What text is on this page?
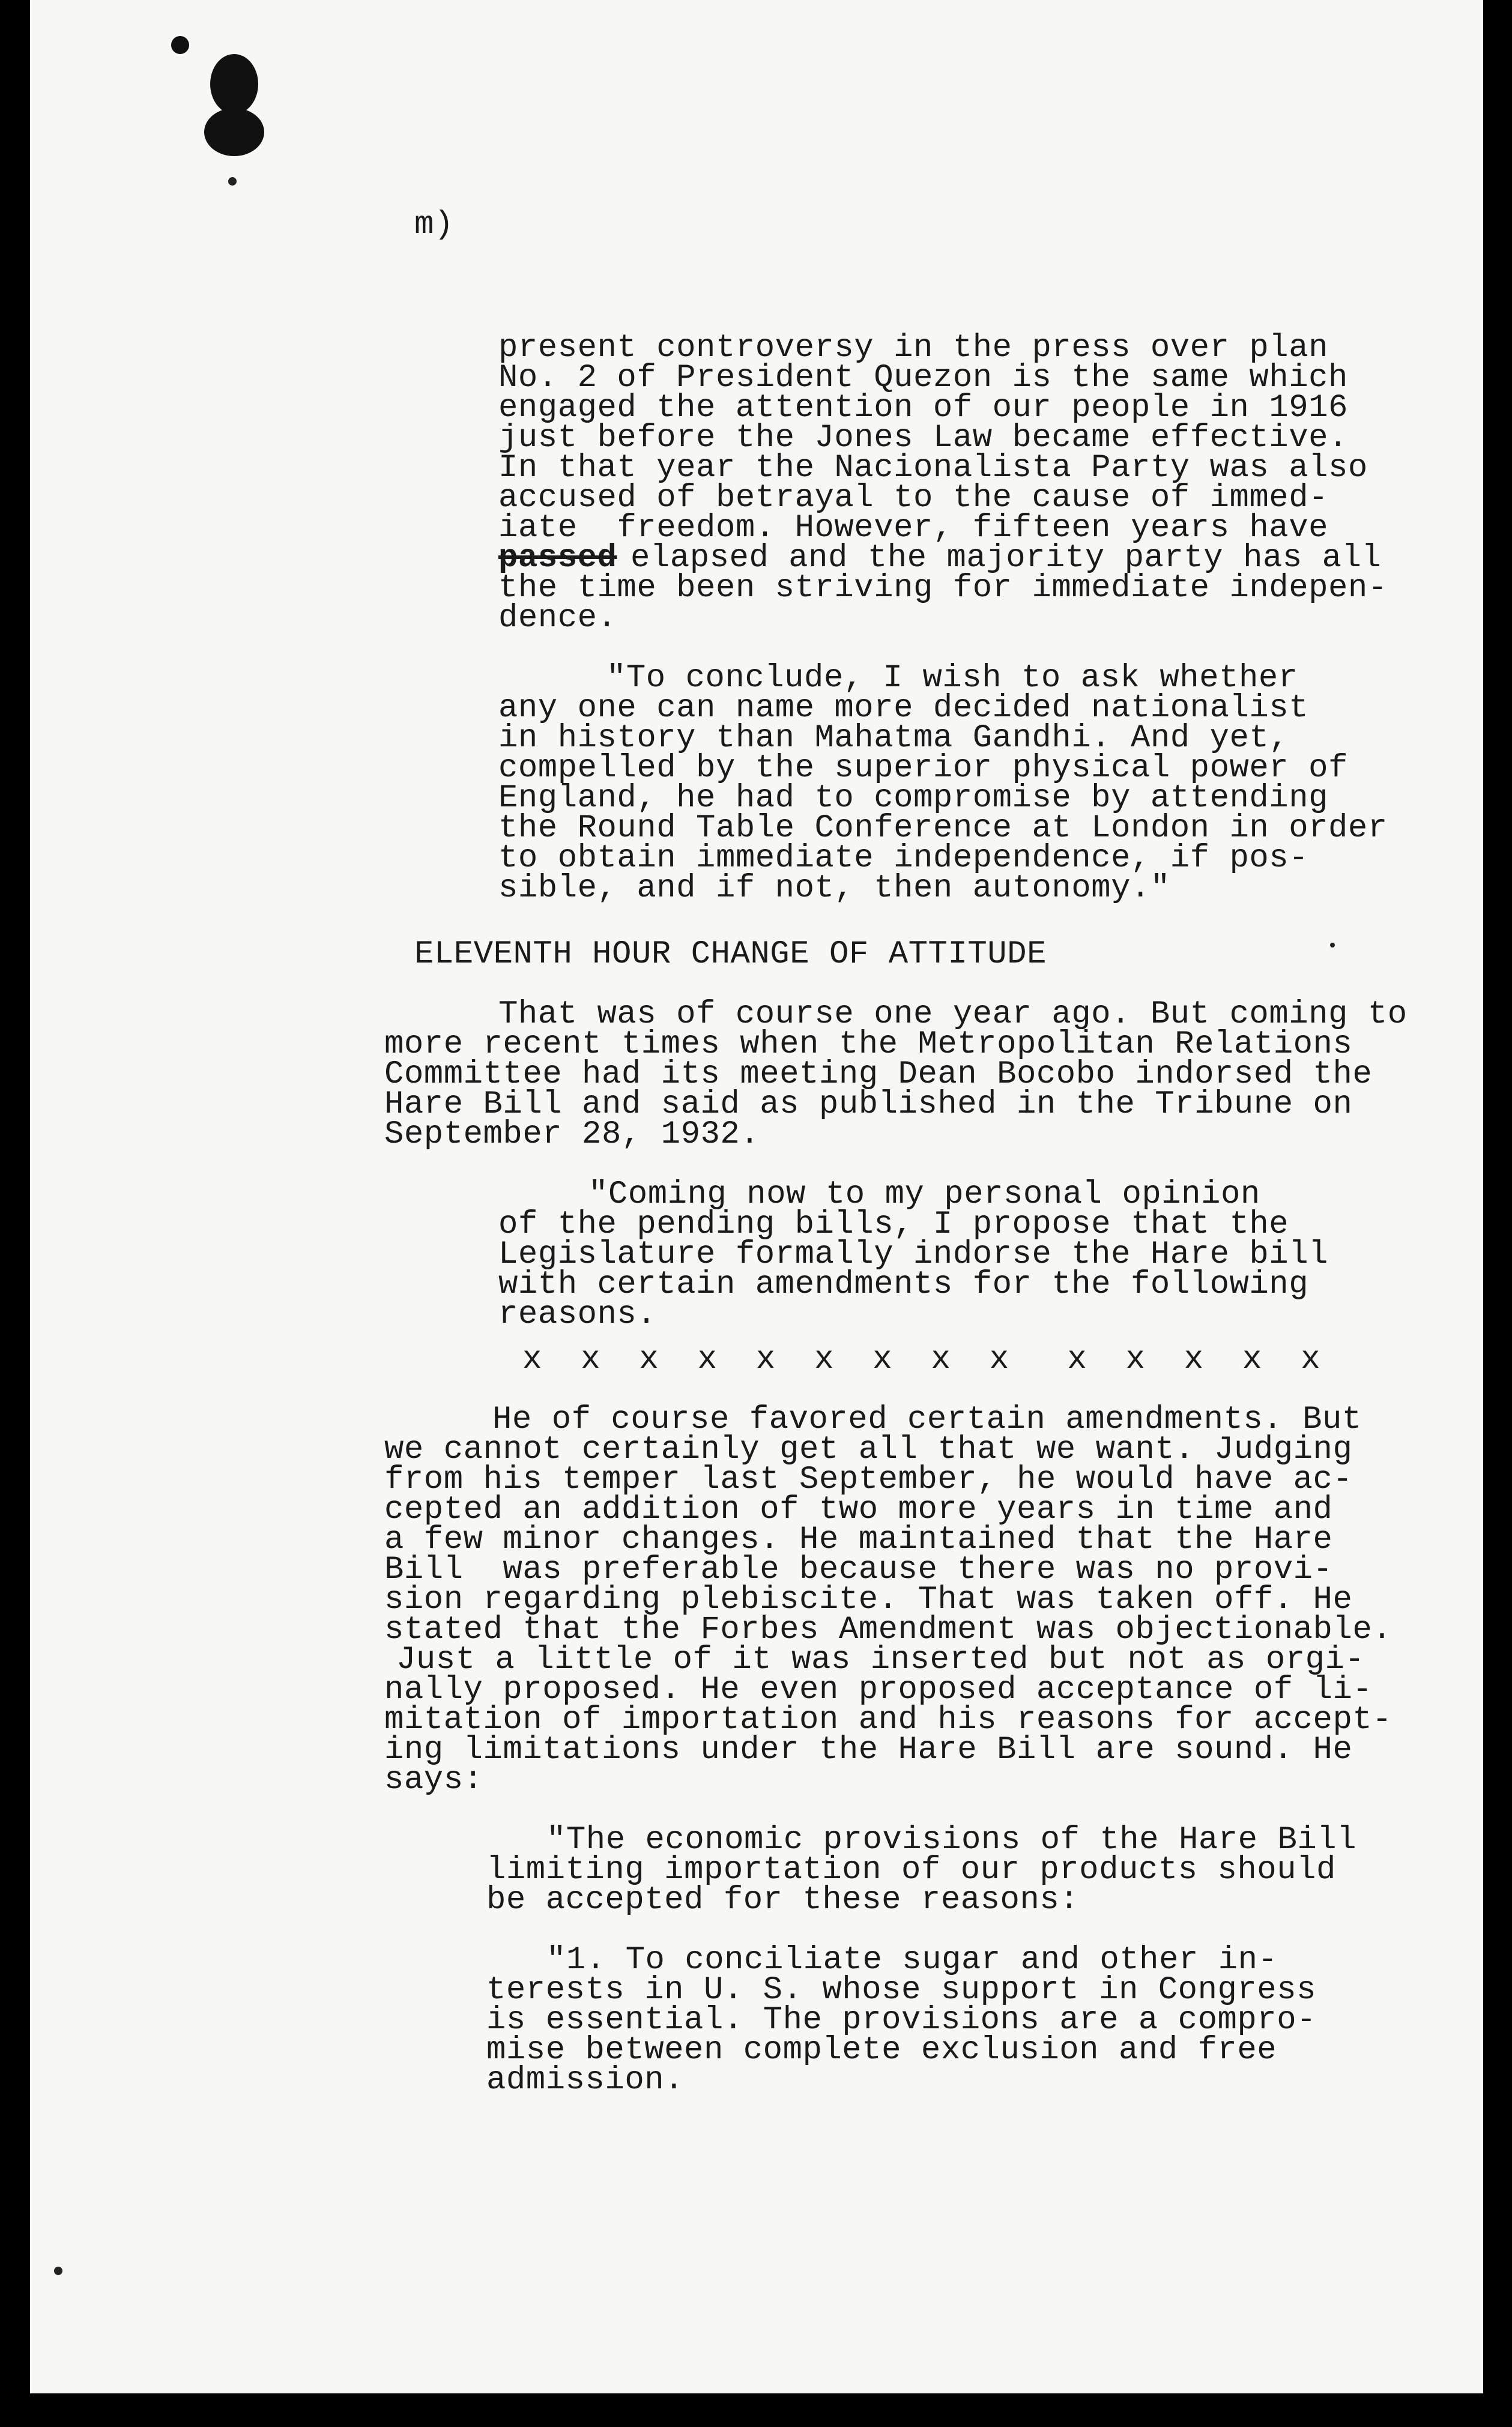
m)
present controversy in the press over plan
No. 2 of President Quezon is the same which
engaged the attention of our people in 1916
just before the Jones Law became effective.
In that year the Nacionalista Party was also
accused of betrayal to the cause of immed-
iate  freedom. However, fifteen years have
passed elapsed and the majority party has all
the time been striving for immediate indepen-
dence.
"To conclude, I wish to ask whether
any one can name more decided nationalist
in history than Mahatma Gandhi. And yet,
compelled by the superior physical power of
England, he had to compromise by attending
the Round Table Conference at London in order
to obtain immediate independence, if pos-
sible, and if not, then autonomy."
ELEVENTH HOUR CHANGE OF ATTITUDE
That was of course one year ago. But coming to
more recent times when the Metropolitan Relations
Committee had its meeting Dean Bocobo indorsed the
Hare Bill and said as published in the Tribune on
September 28, 1932.
"Coming now to my personal opinion
of the pending bills, I propose that the
Legislature formally indorse the Hare bill
with certain amendments for the following
reasons.
x  x  x  x  x  x  x  x  x   x  x  x  x  x
He of course favored certain amendments. But
we cannot certainly get all that we want. Judging
from his temper last September, he would have ac-
cepted an addition of two more years in time and
a few minor changes. He maintained that the Hare
Bill  was preferable because there was no provi-
sion regarding plebiscite. That was taken off. He
stated that the Forbes Amendment was objectionable.
Just a little of it was inserted but not as orgi-
nally proposed. He even proposed acceptance of li-
mitation of importation and his reasons for accept-
ing limitations under the Hare Bill are sound. He
says:
"The economic provisions of the Hare Bill
limiting importation of our products should
be accepted for these reasons:
"1. To conciliate sugar and other in-
terests in U. S. whose support in Congress
is essential. The provisions are a compro-
mise between complete exclusion and free
admission.
